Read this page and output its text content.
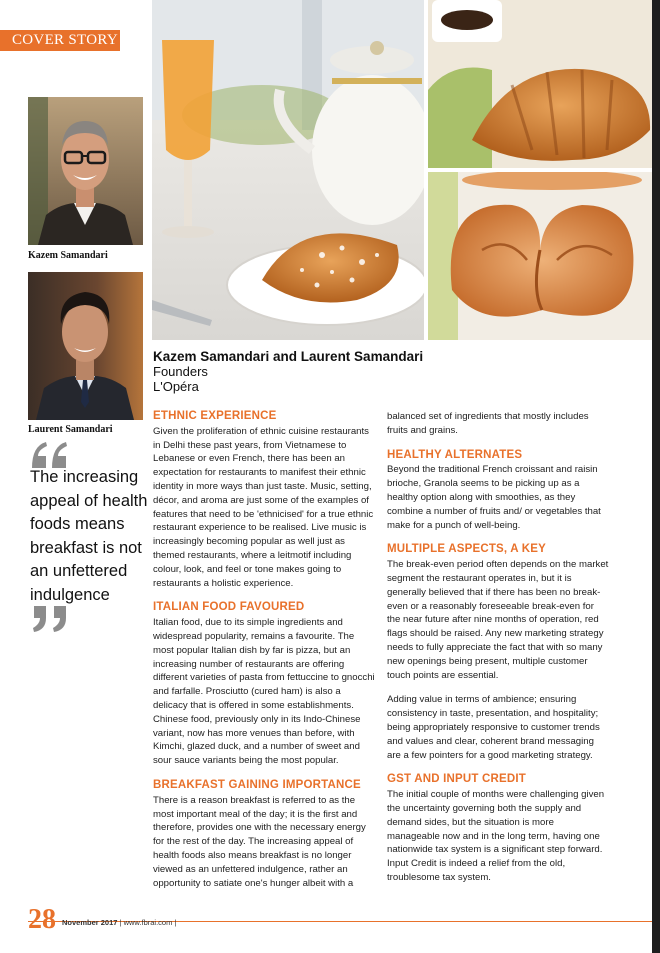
COVER STORY
Kazem Samandari
Laurent Samandari
The increasing appeal of health foods means breakfast is not an unfettered indulgence
Kazem Samandari and Laurent Samandari
Founders
L'Opéra
ETHNIC EXPERIENCE

Given the proliferation of ethnic cuisine restaurants in Delhi these past years, from Vietnamese to Lebanese or even French, there has been an expectation for restaurants to manifest their ethnic identity in more ways than just taste. Music, setting, décor, and aroma are just some of the examples of features that need to be 'ethnicised' for a true ethnic restaurant experience to be realised. Live music is increasingly becoming popular as well just as themed restaurants, where a leitmotif including colour, look, and feel or tone makes going to restaurants a holistic experience.

ITALIAN FOOD FAVOURED

Italian food, due to its simple ingredients and widespread popularity, remains a favourite. The most popular Italian dish by far is pizza, but an increasing number of restaurants are offering different varieties of pasta from fettuccine to gnocchi and farfalle. Prosciutto (cured ham) is also a delicacy that is offered in some establishments. Chinese food, previously only in its Indo-Chinese variant, now has more venues than before, with Kimchi, glazed duck, and a number of sweet and sour sauce variants being the most popular.

BREAKFAST GAINING IMPORTANCE

There is a reason breakfast is referred to as the most important meal of the day; it is the first and therefore, provides one with the necessary energy for the rest of the day. The increasing appeal of health foods also means breakfast is no longer viewed as an unfettered indulgence, rather an opportunity to satiate one's hunger albeit with a

balanced set of ingredients that mostly includes fruits and grains.

HEALTHY ALTERNATES

Beyond the traditional French croissant and raisin brioche, Granola seems to be picking up as a healthy option along with smoothies, as they combine a number of fruits and/ or vegetables that make for a punch of well-being.

MULTIPLE ASPECTS, A KEY

The break-even period often depends on the market segment the restaurant operates in, but it is generally believed that if there has been no break-even or a reasonably foreseeable break-even for the near future after nine months of operation, red flags should be raised. Any new marketing strategy needs to fully appreciate the fact that with so many new openings being present, multiple customer touch points are essential.

Adding value in terms of ambience; ensuring consistency in taste, presentation, and hospitality; being appropriately responsive to customer trends and values and clear, coherent brand messaging are a few pointers for a good marketing strategy.

GST AND INPUT CREDIT

The initial couple of months were challenging given the uncertainty governing both the supply and demand sides, but the situation is more manageable now and in the long term, having one nationwide tax system is a significant step forward. Input Credit is indeed a relief from the old, troublesome tax system.

28 November 2017 | www.fbrai.com |
